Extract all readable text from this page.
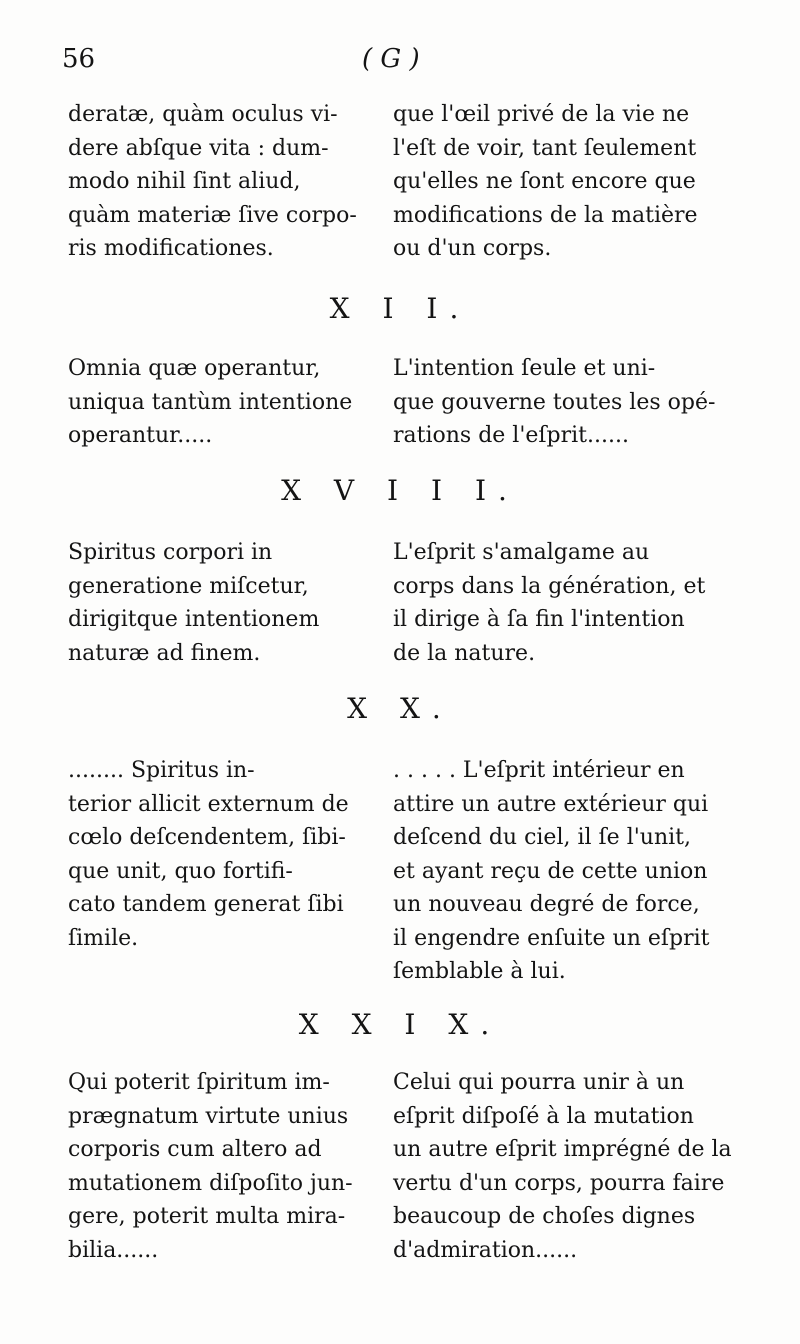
56	( G )
deratæ, quàm oculus vi-
dere abſque vita : dum-
modo nihil ſint aliud,
quàm materiæ ſive corpo-
ris modificationes.
que l'œil privé de la vie ne
l'eſt de voir, tant ſeulement
qu'elles ne ſont encore que
modifications de la matière
ou d'un corps.
X I I.
Omnia quæ operantur,
uniqua tantùm intentione
operantur.....
L'intention ſeule et uni-
que gouverne toutes les opé-
rations de l'eſprit......
X V I I I.
Spiritus corpori in
generatione miſcetur,
dirigitque intentionem
naturæ ad finem.
L'eſprit s'amalgame au
corps dans la génération, et
il dirige à ſa fin l'intention
de la nature.
X X.
........ Spiritus in-
terior allicit externum de
cœlo deſcendentem, ſibi-
que unit, quo fortifi-
cato tandem generat ſibi
ſimile.
. . . . . L'eſprit intérieur en
attire un autre extérieur qui
deſcend du ciel, il ſe l'unit,
et ayant reçu de cette union
un nouveau degré de force,
il engendre enſuite un eſprit
ſemblable à lui.
X X I X.
Qui poterit ſpiritum im-
prægnatum virtute unius
corporis cum altero ad
mutationem diſpoſito jun-
gere, poterit multa mira-
bilia......
Celui qui pourra unir à un
eſprit diſpoſé à la mutation
un autre eſprit imprégné de la
vertu d'un corps, pourra faire
beaucoup de choſes dignes
d'admiration......
